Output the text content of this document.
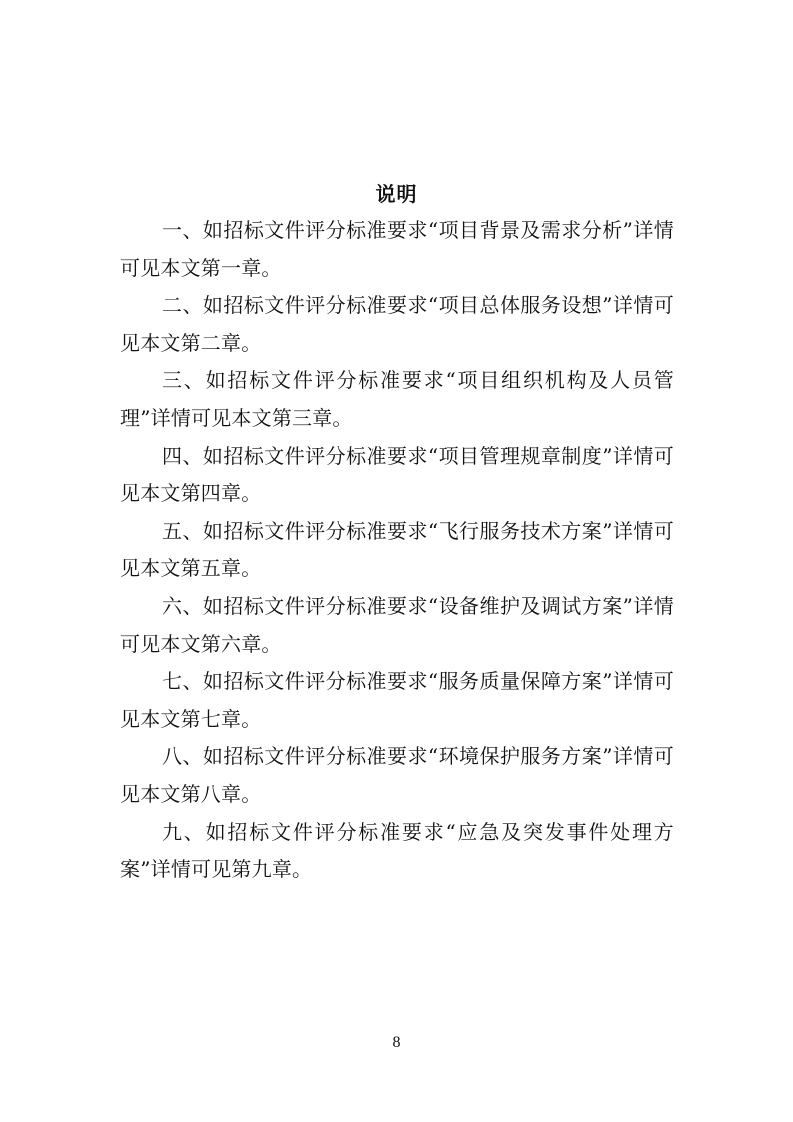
说明

一、如招标文件评分标准要求“项目背景及需求分析”详情可见本文第一章。

二、如招标文件评分标准要求“项目总体服务设想”详情可见本文第二章。

三、如招标文件评分标准要求“项目组织机构及人员管理”详情可见本文第三章。

四、如招标文件评分标准要求“项目管理规章制度”详情可见本文第四章。

五、如招标文件评分标准要求“飞行服务技术方案”详情可见本文第五章。

六、如招标文件评分标准要求“设备维护及调试方案”详情可见本文第六章。

七、如招标文件评分标准要求“服务质量保障方案”详情可见本文第七章。

八、如招标文件评分标准要求“环境保护服务方案”详情可见本文第八章。

九、如招标文件评分标准要求“应急及突发事件处理方案”详情可见第九章。

8
